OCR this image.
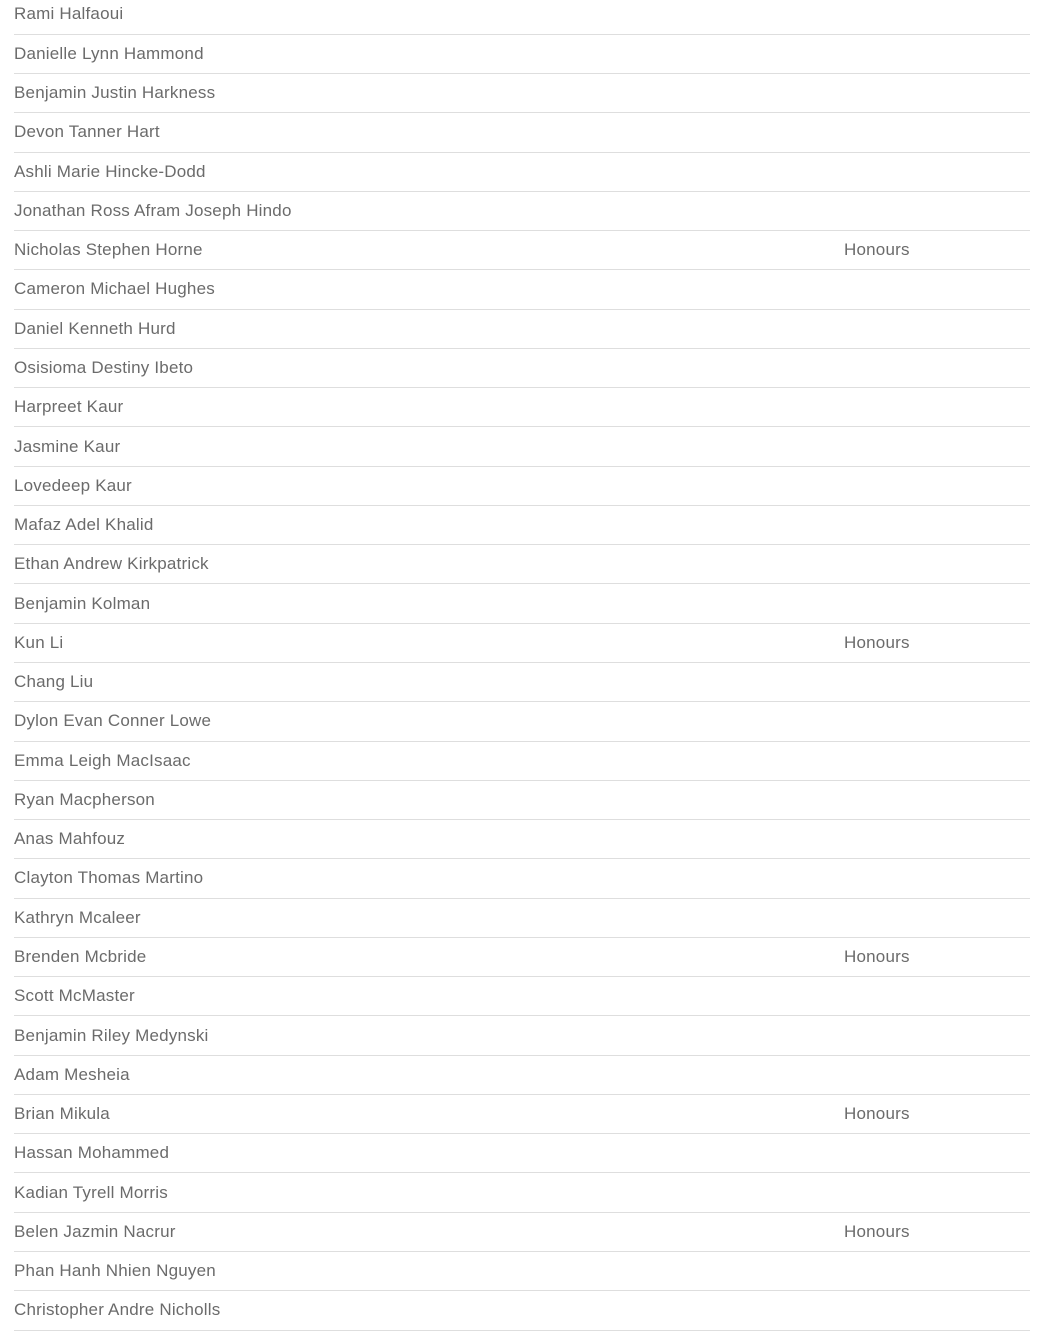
Rami Halfaoui	
Danielle Lynn Hammond	
Benjamin Justin Harkness	
Devon Tanner Hart	
Ashli Marie Hincke-Dodd	
Jonathan Ross Afram Joseph Hindo	
Nicholas Stephen Horne	Honours
Cameron Michael Hughes	
Daniel Kenneth Hurd	
Osisioma Destiny Ibeto	
Harpreet Kaur	
Jasmine Kaur	
Lovedeep Kaur	
Mafaz Adel Khalid	
Ethan Andrew Kirkpatrick	
Benjamin Kolman	
Kun Li	Honours
Chang Liu	
Dylon Evan Conner Lowe	
Emma Leigh MacIsaac	
Ryan Macpherson	
Anas Mahfouz	
Clayton Thomas Martino	
Kathryn Mcaleer	
Brenden Mcbride	Honours
Scott McMaster	
Benjamin Riley Medynski	
Adam Mesheia	
Brian Mikula	Honours
Hassan Mohammed	
Kadian Tyrell Morris	
Belen Jazmin Nacrur	Honours
Phan Hanh Nhien Nguyen	
Christopher Andre Nicholls	
